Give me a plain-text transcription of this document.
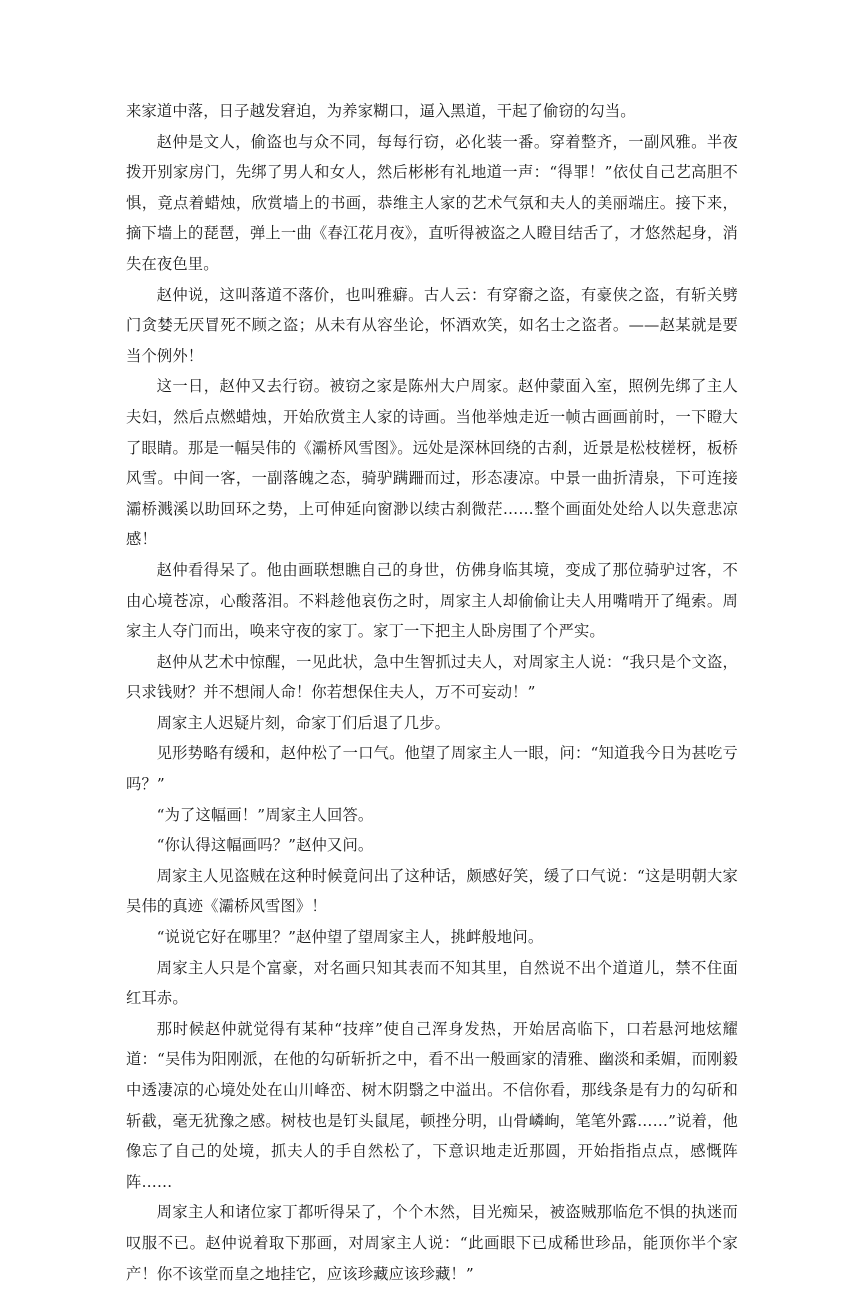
来家道中落，日子越发窘迫，为养家糊口，逼入黑道，干起了偷窃的勾当。

赵仲是文人，偷盗也与众不同，每每行窃，必化装一番。穿着整齐，一副风雅。半夜拨开别家房门，先绑了男人和女人，然后彬彬有礼地道一声：“得罪！”依仗自己艺高胆不惧，竟点着蜡烛，欣赏墙上的书画，恭维主人家的艺术气氛和夫人的美丽端庄。接下来，摘下墙上的琵琶，弹上一曲《春江花月夜》，直听得被盗之人瞪目结舌了，才悠然起身，消失在夜色里。

赵仲说，这叫落道不落价，也叫雅癖。古人云：有穿窬之盗，有豪侠之盗，有斩关劈门贪婪无厌冒死不顾之盗；从未有从容坐论，怀酒欢笑，如名士之盗者。——赵某就是要当个例外！

这一日，赵仲又去行窃。被窃之家是陈州大户周家。赵仲蒙面入室，照例先绑了主人夫妇，然后点燃蜡烛，开始欣赏主人家的诗画。当他举烛走近一帧古画画前时，一下瞪大了眼睛。那是一幅吴伟的《灞桥风雪图》。远处是深林回绕的古刹，近景是松枝槎枒，板桥风雪。中间一客，一副落魄之态，骑驴蹒跚而过，形态凄凉。中景一曲折清泉，下可连接灞桥溅溪以助回环之势，上可伸延向窗渺以续古刹微茫……整个画面处处给人以失意悲凉感！

赵仲看得呆了。他由画联想瞧自己的身世，仿佛身临其境，变成了那位骑驴过客，不由心境苍凉，心酸落泪。不料趁他哀伤之时，周家主人却偷偷让夫人用嘴啃开了绳索。周家主人夺门而出，唤来守夜的家丁。家丁一下把主人卧房围了个严实。

赵仲从艺术中惊醒，一见此状，急中生智抓过夫人，对周家主人说：“我只是个文盗，只求钱财？并不想闹人命！你若想保住夫人，万不可妄动！”

周家主人迟疑片刻，命家丁们后退了几步。

见形势略有缓和，赵仲松了一口气。他望了周家主人一眼，问：“知道我今日为甚吃亏吗？”

“为了这幅画！”周家主人回答。

“你认得这幅画吗？”赵仲又问。

周家主人见盗贼在这种时候竟问出了这种话，颇感好笑，缓了口气说：“这是明朝大家吴伟的真迹《灞桥风雪图》！

“说说它好在哪里？”赵仲望了望周家主人，挑衅般地问。

周家主人只是个富豪，对名画只知其表而不知其里，自然说不出个道道儿，禁不住面红耳赤。

那时候赵仲就觉得有某种“技痒”使自己浑身发热，开始居高临下，口若悬河地炫耀道：“吴伟为阳刚派，在他的勾斫斩折之中，看不出一般画家的清雅、幽淡和柔媚，而刚毅中透凄凉的心境处处在山川峰峦、树木阴翳之中溢出。不信你看，那线条是有力的勾斫和斩截，毫无犹豫之感。树枝也是钉头鼠尾，顿挫分明，山骨嶙峋，笔笔外露……”说着，他像忘了自己的处境，抓夫人的手自然松了，下意识地走近那圆，开始指指点点，感慨阵阵……

周家主人和诸位家丁都听得呆了，个个木然，目光痴呆，被盗贼那临危不惧的执迷而叹服不已。赵仲说着取下那画，对周家主人说：“此画眼下已成稀世珍品，能顶你半个家产！你不该堂而皇之地挂它，应该珍藏应该珍藏！”
